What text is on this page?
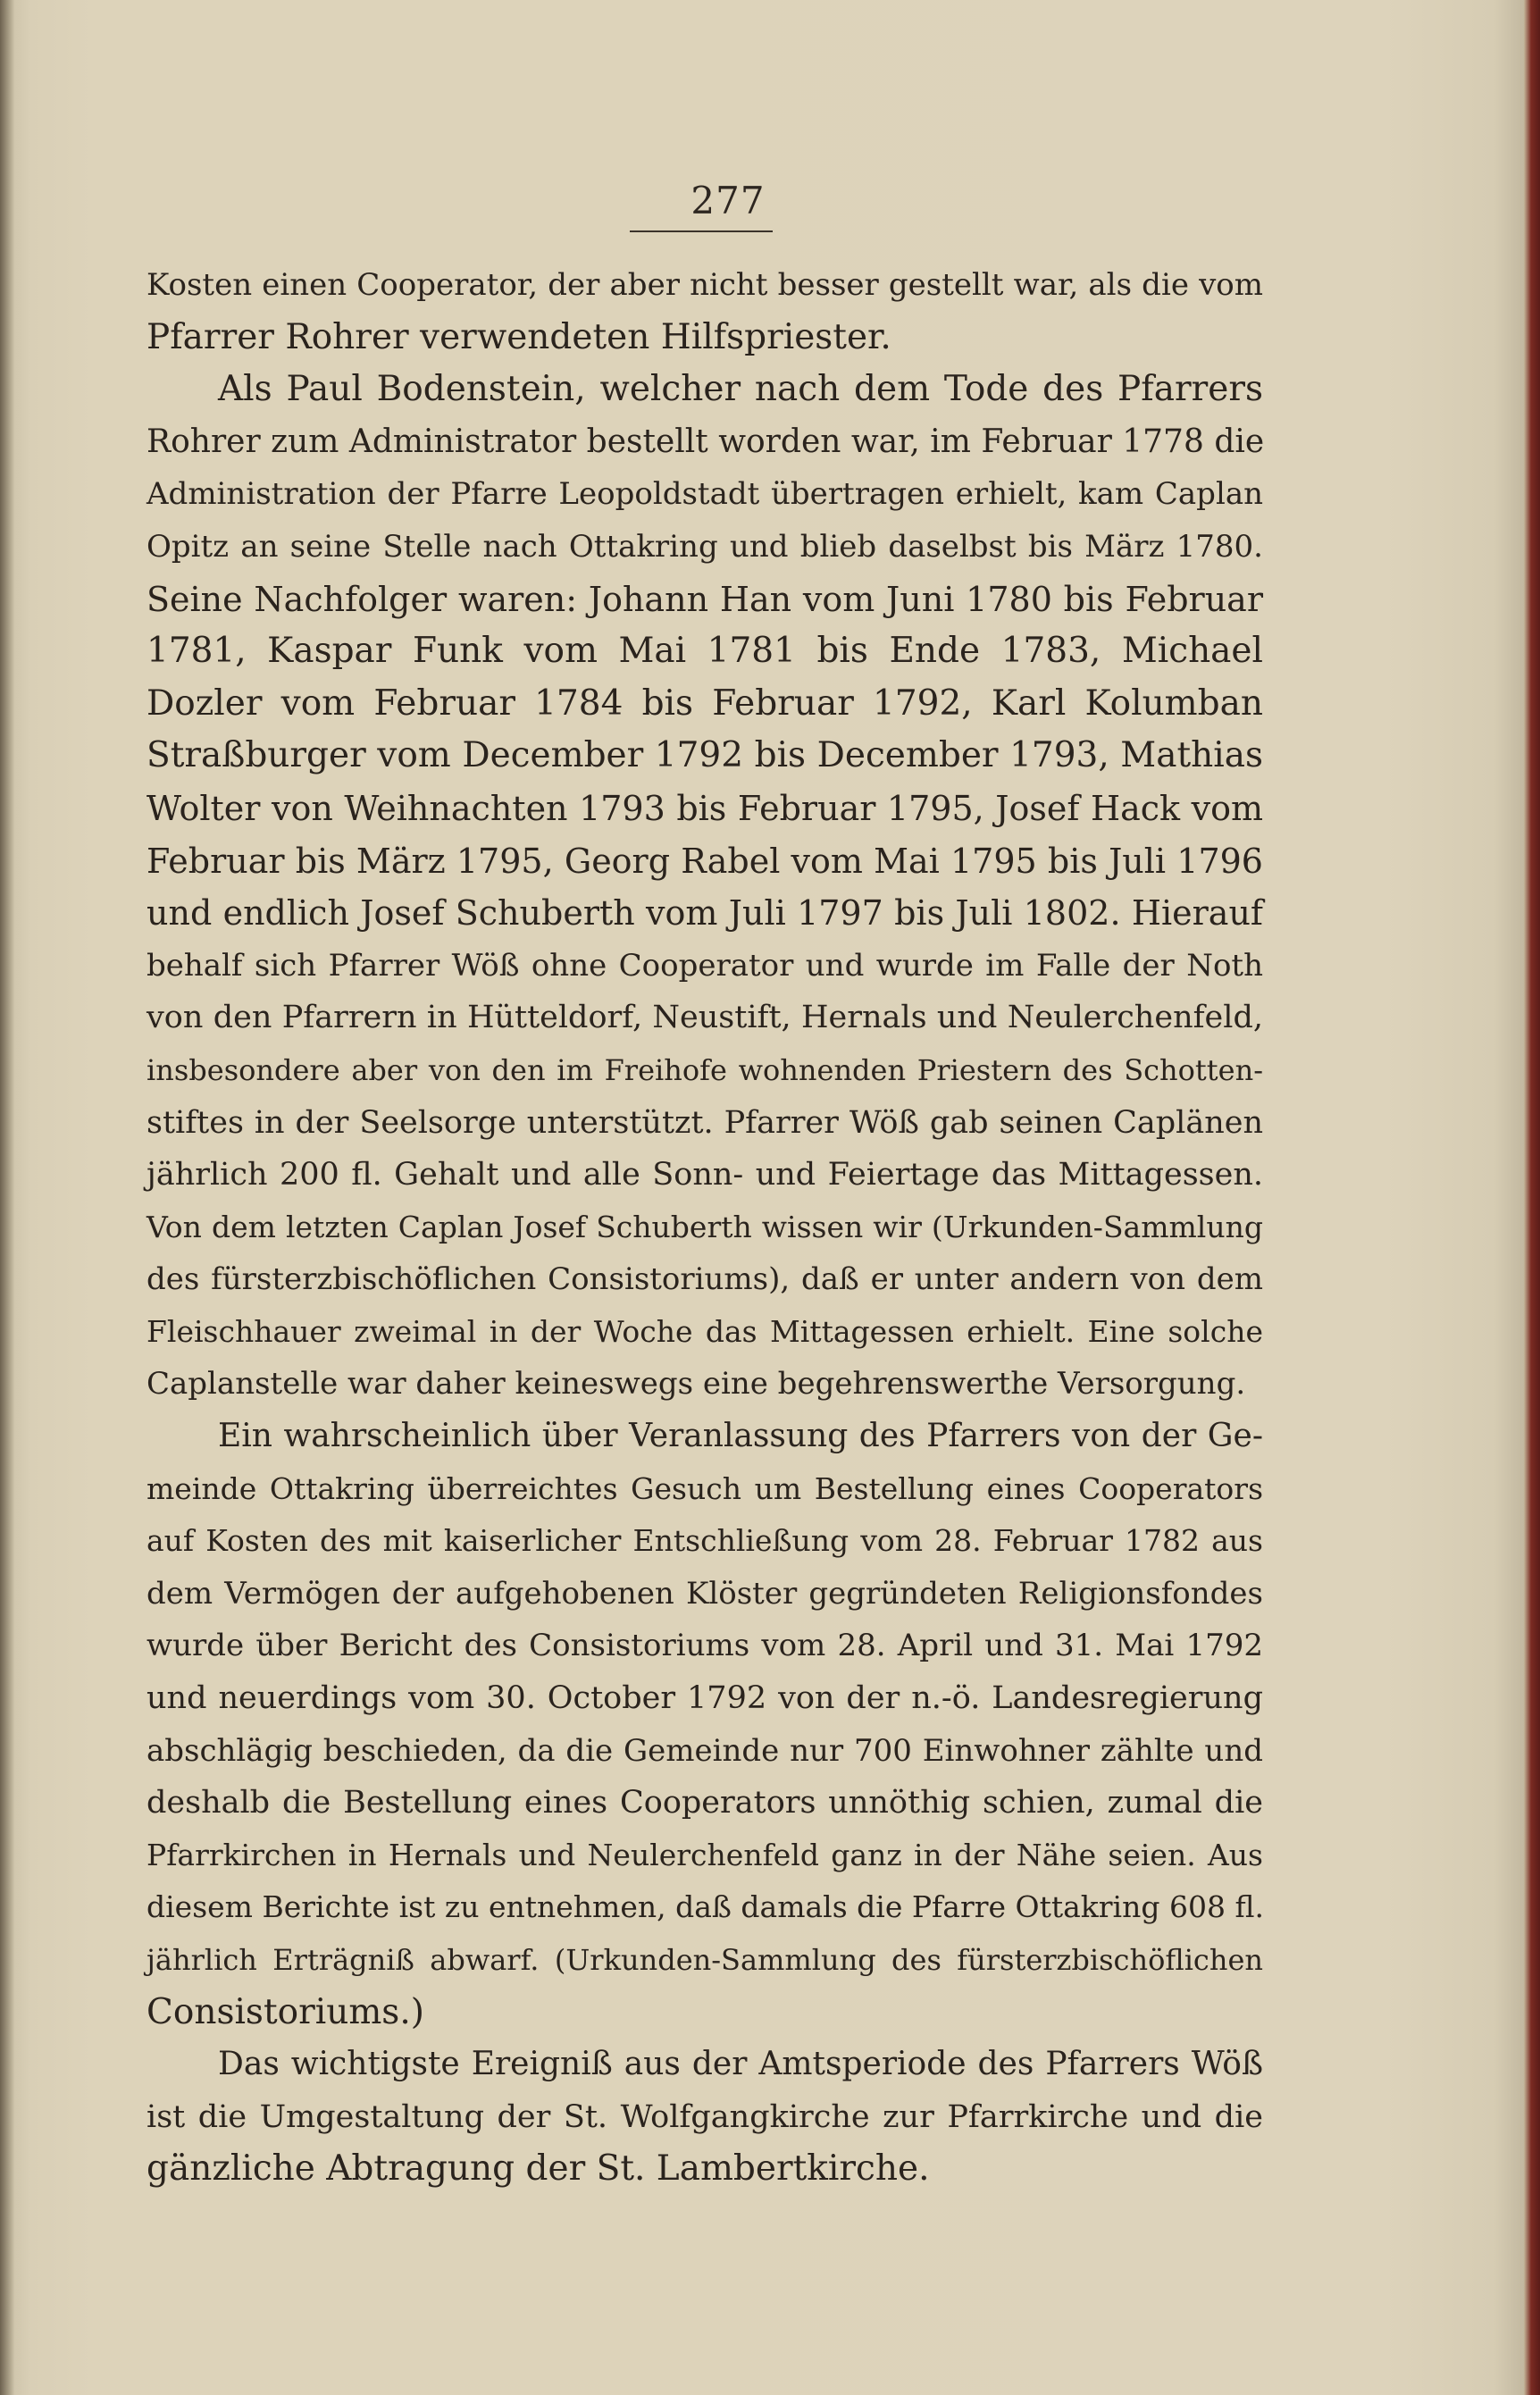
277
Kosten einen Cooperator, der aber nicht besser gestellt war, als die vom
Pfarrer Rohrer verwendeten Hilfspriester.
Als Paul Bodenstein, welcher nach dem Tode des Pfarrers
Rohrer zum Administrator bestellt worden war, im Februar 1778 die
Administration der Pfarre Leopoldstadt übertragen erhielt, kam Caplan
Opitz an seine Stelle nach Ottakring und blieb daselbst bis März 1780.
Seine Nachfolger waren: Johann Han vom Juni 1780 bis Februar
1781, Kaspar Funk vom Mai 1781 bis Ende 1783, Michael
Dozler vom Februar 1784 bis Februar 1792, Karl Kolumban
Straßburger vom December 1792 bis December 1793, Mathias
Wolter von Weihnachten 1793 bis Februar 1795, Josef Hack vom
Februar bis März 1795, Georg Rabel vom Mai 1795 bis Juli 1796
und endlich Josef Schuberth vom Juli 1797 bis Juli 1802. Hierauf
behalf sich Pfarrer Wöß ohne Cooperator und wurde im Falle der Noth
von den Pfarrern in Hütteldorf, Neustift, Hernals und Neulerchenfeld,
insbesondere aber von den im Freihofe wohnenden Priestern des Schotten-
stiftes in der Seelsorge unterstützt. Pfarrer Wöß gab seinen Caplänen
jährlich 200 fl. Gehalt und alle Sonn- und Feiertage das Mittagessen.
Von dem letzten Caplan Josef Schuberth wissen wir (Urkunden-Sammlung
des fürsterzbischöflichen Consistoriums), daß er unter andern von dem
Fleischhauer zweimal in der Woche das Mittagessen erhielt. Eine solche
Caplanstelle war daher keineswegs eine begehrenswerthe Versorgung.
Ein wahrscheinlich über Veranlassung des Pfarrers von der Ge-
meinde Ottakring überreichtes Gesuch um Bestellung eines Cooperators
auf Kosten des mit kaiserlicher Entschließung vom 28. Februar 1782 aus
dem Vermögen der aufgehobenen Klöster gegründeten Religionsfondes
wurde über Bericht des Consistoriums vom 28. April und 31. Mai 1792
und neuerdings vom 30. October 1792 von der n.-ö. Landesregierung
abschlägig beschieden, da die Gemeinde nur 700 Einwohner zählte und
deshalb die Bestellung eines Cooperators unnöthig schien, zumal die
Pfarrkirchen in Hernals und Neulerchenfeld ganz in der Nähe seien. Aus
diesem Berichte ist zu entnehmen, daß damals die Pfarre Ottakring 608 fl.
jährlich Erträgniß abwarf. (Urkunden-Sammlung des fürsterzbischöflichen
Consistoriums.)
Das wichtigste Ereigniß aus der Amtsperiode des Pfarrers Wöß
ist die Umgestaltung der St. Wolfgangkirche zur Pfarrkirche und die
gänzliche Abtragung der St. Lambertkirche.
